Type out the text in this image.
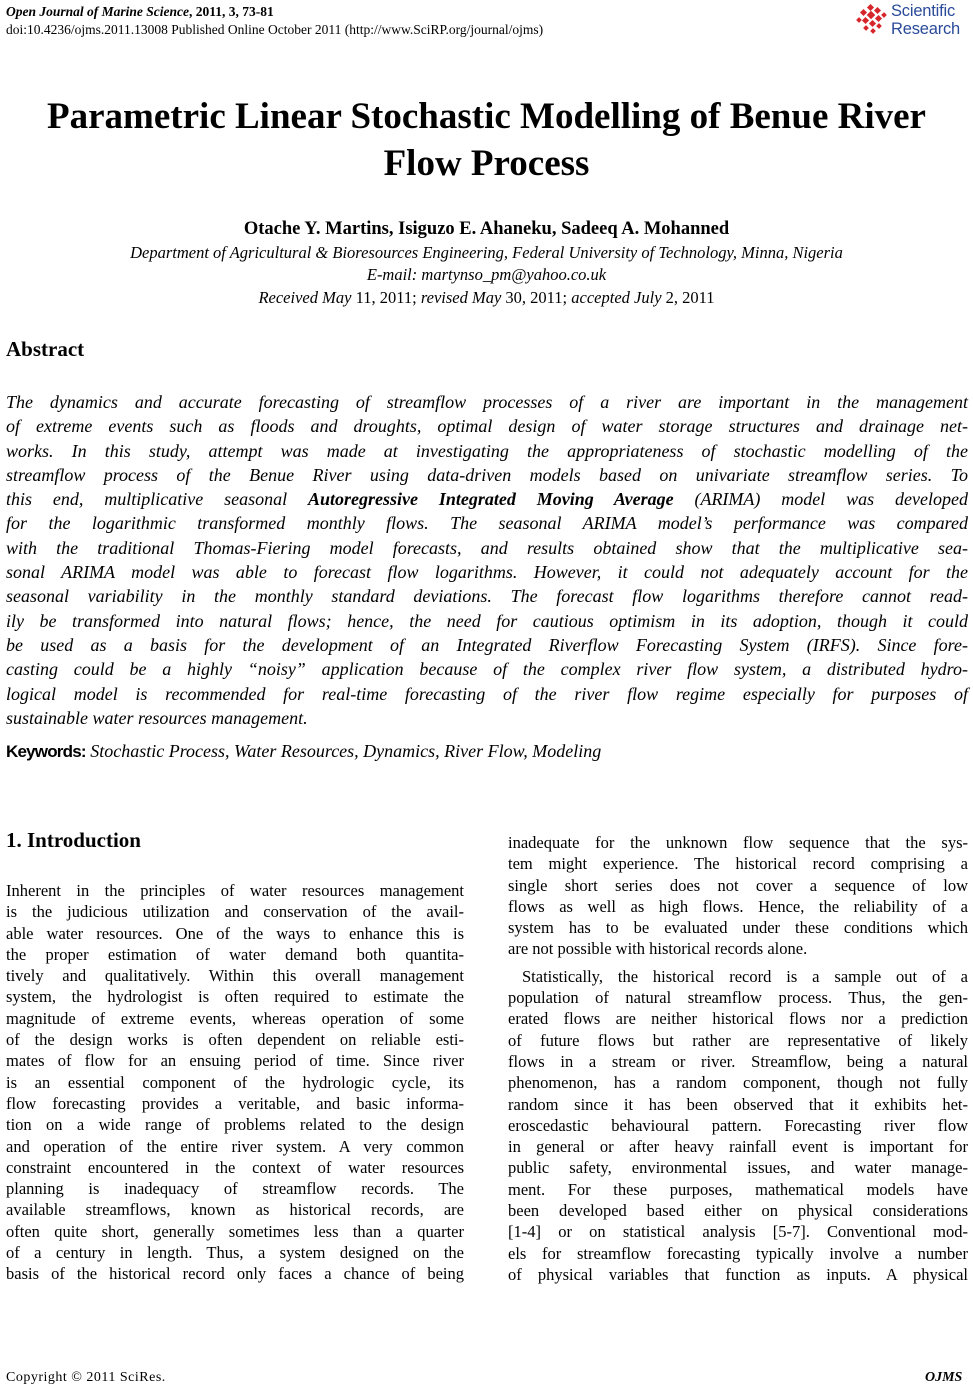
Open Journal of Marine Science, 2011, 3, 73-81
doi:10.4236/ojms.2011.13008 Published Online October 2011 (http://www.SciRP.org/journal/ojms)
Scientific
Research
Parametric Linear Stochastic Modelling of Benue River
Flow Process
Otache Y. Martins, Isiguzo E. Ahaneku, Sadeeq A. Mohanned
Department of Agricultural & Bioresources Engineering, Federal University of Technology, Minna, Nigeria
E-mail: martynso_pm@yahoo.co.uk
Received May 11, 2011; revised May 30, 2011; accepted July 2, 2011
Abstract
The dynamics and accurate forecasting of streamflow processes of a river are important in the management
of extreme events such as floods and droughts, optimal design of water storage structures and drainage net-
works. In this study, attempt was made at investigating the appropriateness of stochastic modelling of the
streamflow process of the Benue River using data-driven models based on univariate streamflow series. To
this end, multiplicative seasonal Autoregressive Integrated Moving Average (ARIMA) model was developed
for the logarithmic transformed monthly flows. The seasonal ARIMA model’s performance was compared
with the traditional Thomas-Fiering model forecasts, and results obtained show that the multiplicative sea-
sonal ARIMA model was able to forecast flow logarithms. However, it could not adequately account for the
seasonal variability in the monthly standard deviations. The forecast flow logarithms therefore cannot read-
ily be transformed into natural flows; hence, the need for cautious optimism in its adoption, though it could
be used as a basis for the development of an Integrated Riverflow Forecasting System (IRFS). Since fore-
casting could be a highly “noisy” application because of the complex river flow system, a distributed hydro-
logical model is recommended for real-time forecasting of the river flow regime especially for purposes of
sustainable water resources management.
Keywords: Stochastic Process, Water Resources, Dynamics, River Flow, Modeling
1. Introduction
Inherent in the principles of water resources management
is the judicious utilization and conservation of the avail-
able water resources. One of the ways to enhance this is
the proper estimation of water demand both quantita-
tively and qualitatively. Within this overall management
system, the hydrologist is often required to estimate the
magnitude of extreme events, whereas operation of some
of the design works is often dependent on reliable esti-
mates of flow for an ensuing period of time. Since river
is an essential component of the hydrologic cycle, its
flow forecasting provides a veritable, and basic informa-
tion on a wide range of problems related to the design
and operation of the entire river system. A very common
constraint encountered in the context of water resources
planning is inadequacy of streamflow records. The
available streamflows, known as historical records, are
often quite short, generally sometimes less than a quarter
of a century in length. Thus, a system designed on the
basis of the historical record only faces a chance of being
inadequate for the unknown flow sequence that the sys-
tem might experience. The historical record comprising a
single short series does not cover a sequence of low
flows as well as high flows. Hence, the reliability of a
system has to be evaluated under these conditions which
are not possible with historical records alone.
Statistically, the historical record is a sample out of a
population of natural streamflow process. Thus, the gen-
erated flows are neither historical flows nor a prediction
of future flows but rather are representative of likely
flows in a stream or river. Streamflow, being a natural
phenomenon, has a random component, though not fully
random since it has been observed that it exhibits het-
eroscedastic behavioural pattern. Forecasting river flow
in general or after heavy rainfall event is important for
public safety, environmental issues, and water manage-
ment. For these purposes, mathematical models have
been developed based either on physical considerations
[1-4] or on statistical analysis [5-7]. Conventional mod-
els for streamflow forecasting typically involve a number
of physical variables that function as inputs. A physical
Copyright © 2011 SciRes.	OJMS
